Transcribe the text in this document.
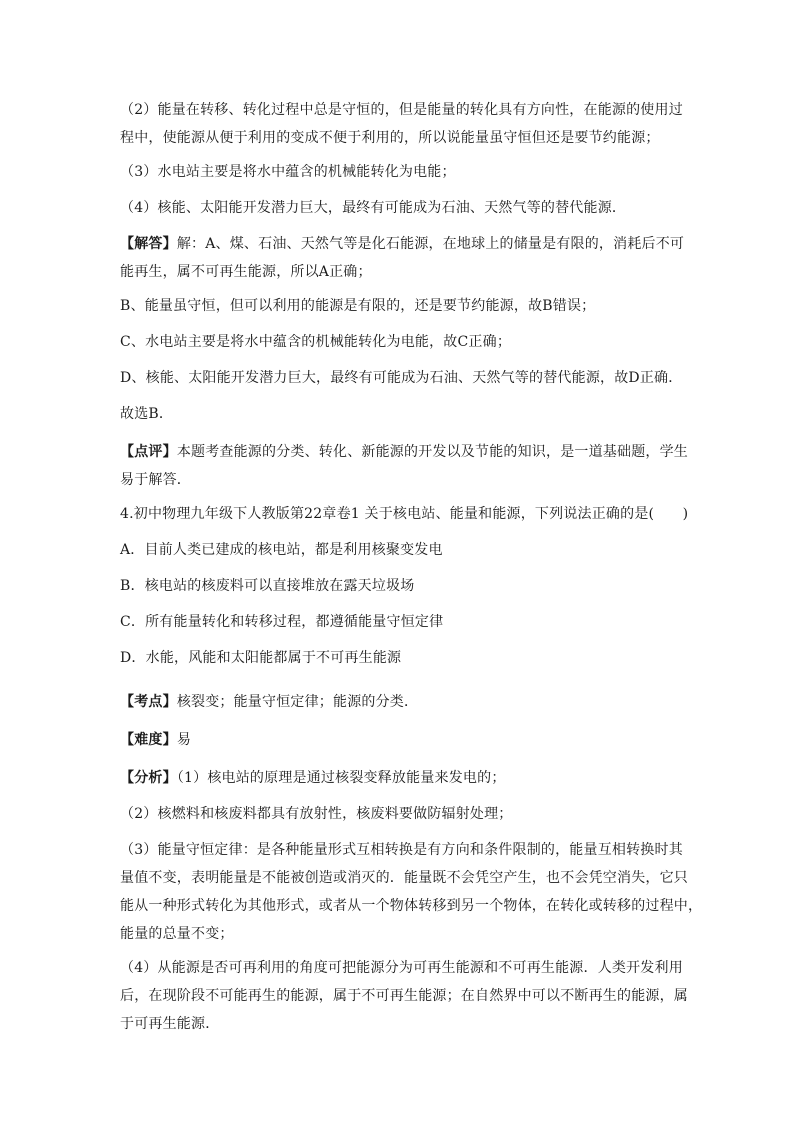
（2）能量在转移、转化过程中总是守恒的，但是能量的转化具有方向性，在能源的使用过
程中，使能源从便于利用的变成不便于利用的，所以说能量虽守恒但还是要节约能源；
（3）水电站主要是将水中蕴含的机械能转化为电能；
（4）核能、太阳能开发潜力巨大，最终有可能成为石油、天然气等的替代能源．
【解答】解：A、煤、石油、天然气等是化石能源，在地球上的储量是有限的，消耗后不可
能再生，属不可再生能源，所以A正确；
B、能量虽守恒，但可以利用的能源是有限的，还是要节约能源，故B错误；
C、水电站主要是将水中蕴含的机械能转化为电能，故C正确；
D、核能、太阳能开发潜力巨大，最终有可能成为石油、天然气等的替代能源，故D正确．
故选B．
【点评】本题考查能源的分类、转化、新能源的开发以及节能的知识，是一道基础题，学生
易于解答．
4.初中物理九年级下人教版第22章卷1 关于核电站、能量和能源，下列说法正确的是(　　)
A．目前人类已建成的核电站，都是利用核聚变发电
B．核电站的核废料可以直接堆放在露天垃圾场
C．所有能量转化和转移过程，都遵循能量守恒定律
D．水能，风能和太阳能都属于不可再生能源
【考点】核裂变；能量守恒定律；能源的分类．
【难度】易
【分析】（1）核电站的原理是通过核裂变释放能量来发电的；
（2）核燃料和核废料都具有放射性，核废料要做防辐射处理；
（3）能量守恒定律：是各种能量形式互相转换是有方向和条件限制的，能量互相转换时其
量值不变，表明能量是不能被创造或消灭的．能量既不会凭空产生，也不会凭空消失，它只
能从一种形式转化为其他形式，或者从一个物体转移到另一个物体，在转化或转移的过程中，
能量的总量不变；
（4）从能源是否可再利用的角度可把能源分为可再生能源和不可再生能源．人类开发利用
后，在现阶段不可能再生的能源，属于不可再生能源；在自然界中可以不断再生的能源，属
于可再生能源．
